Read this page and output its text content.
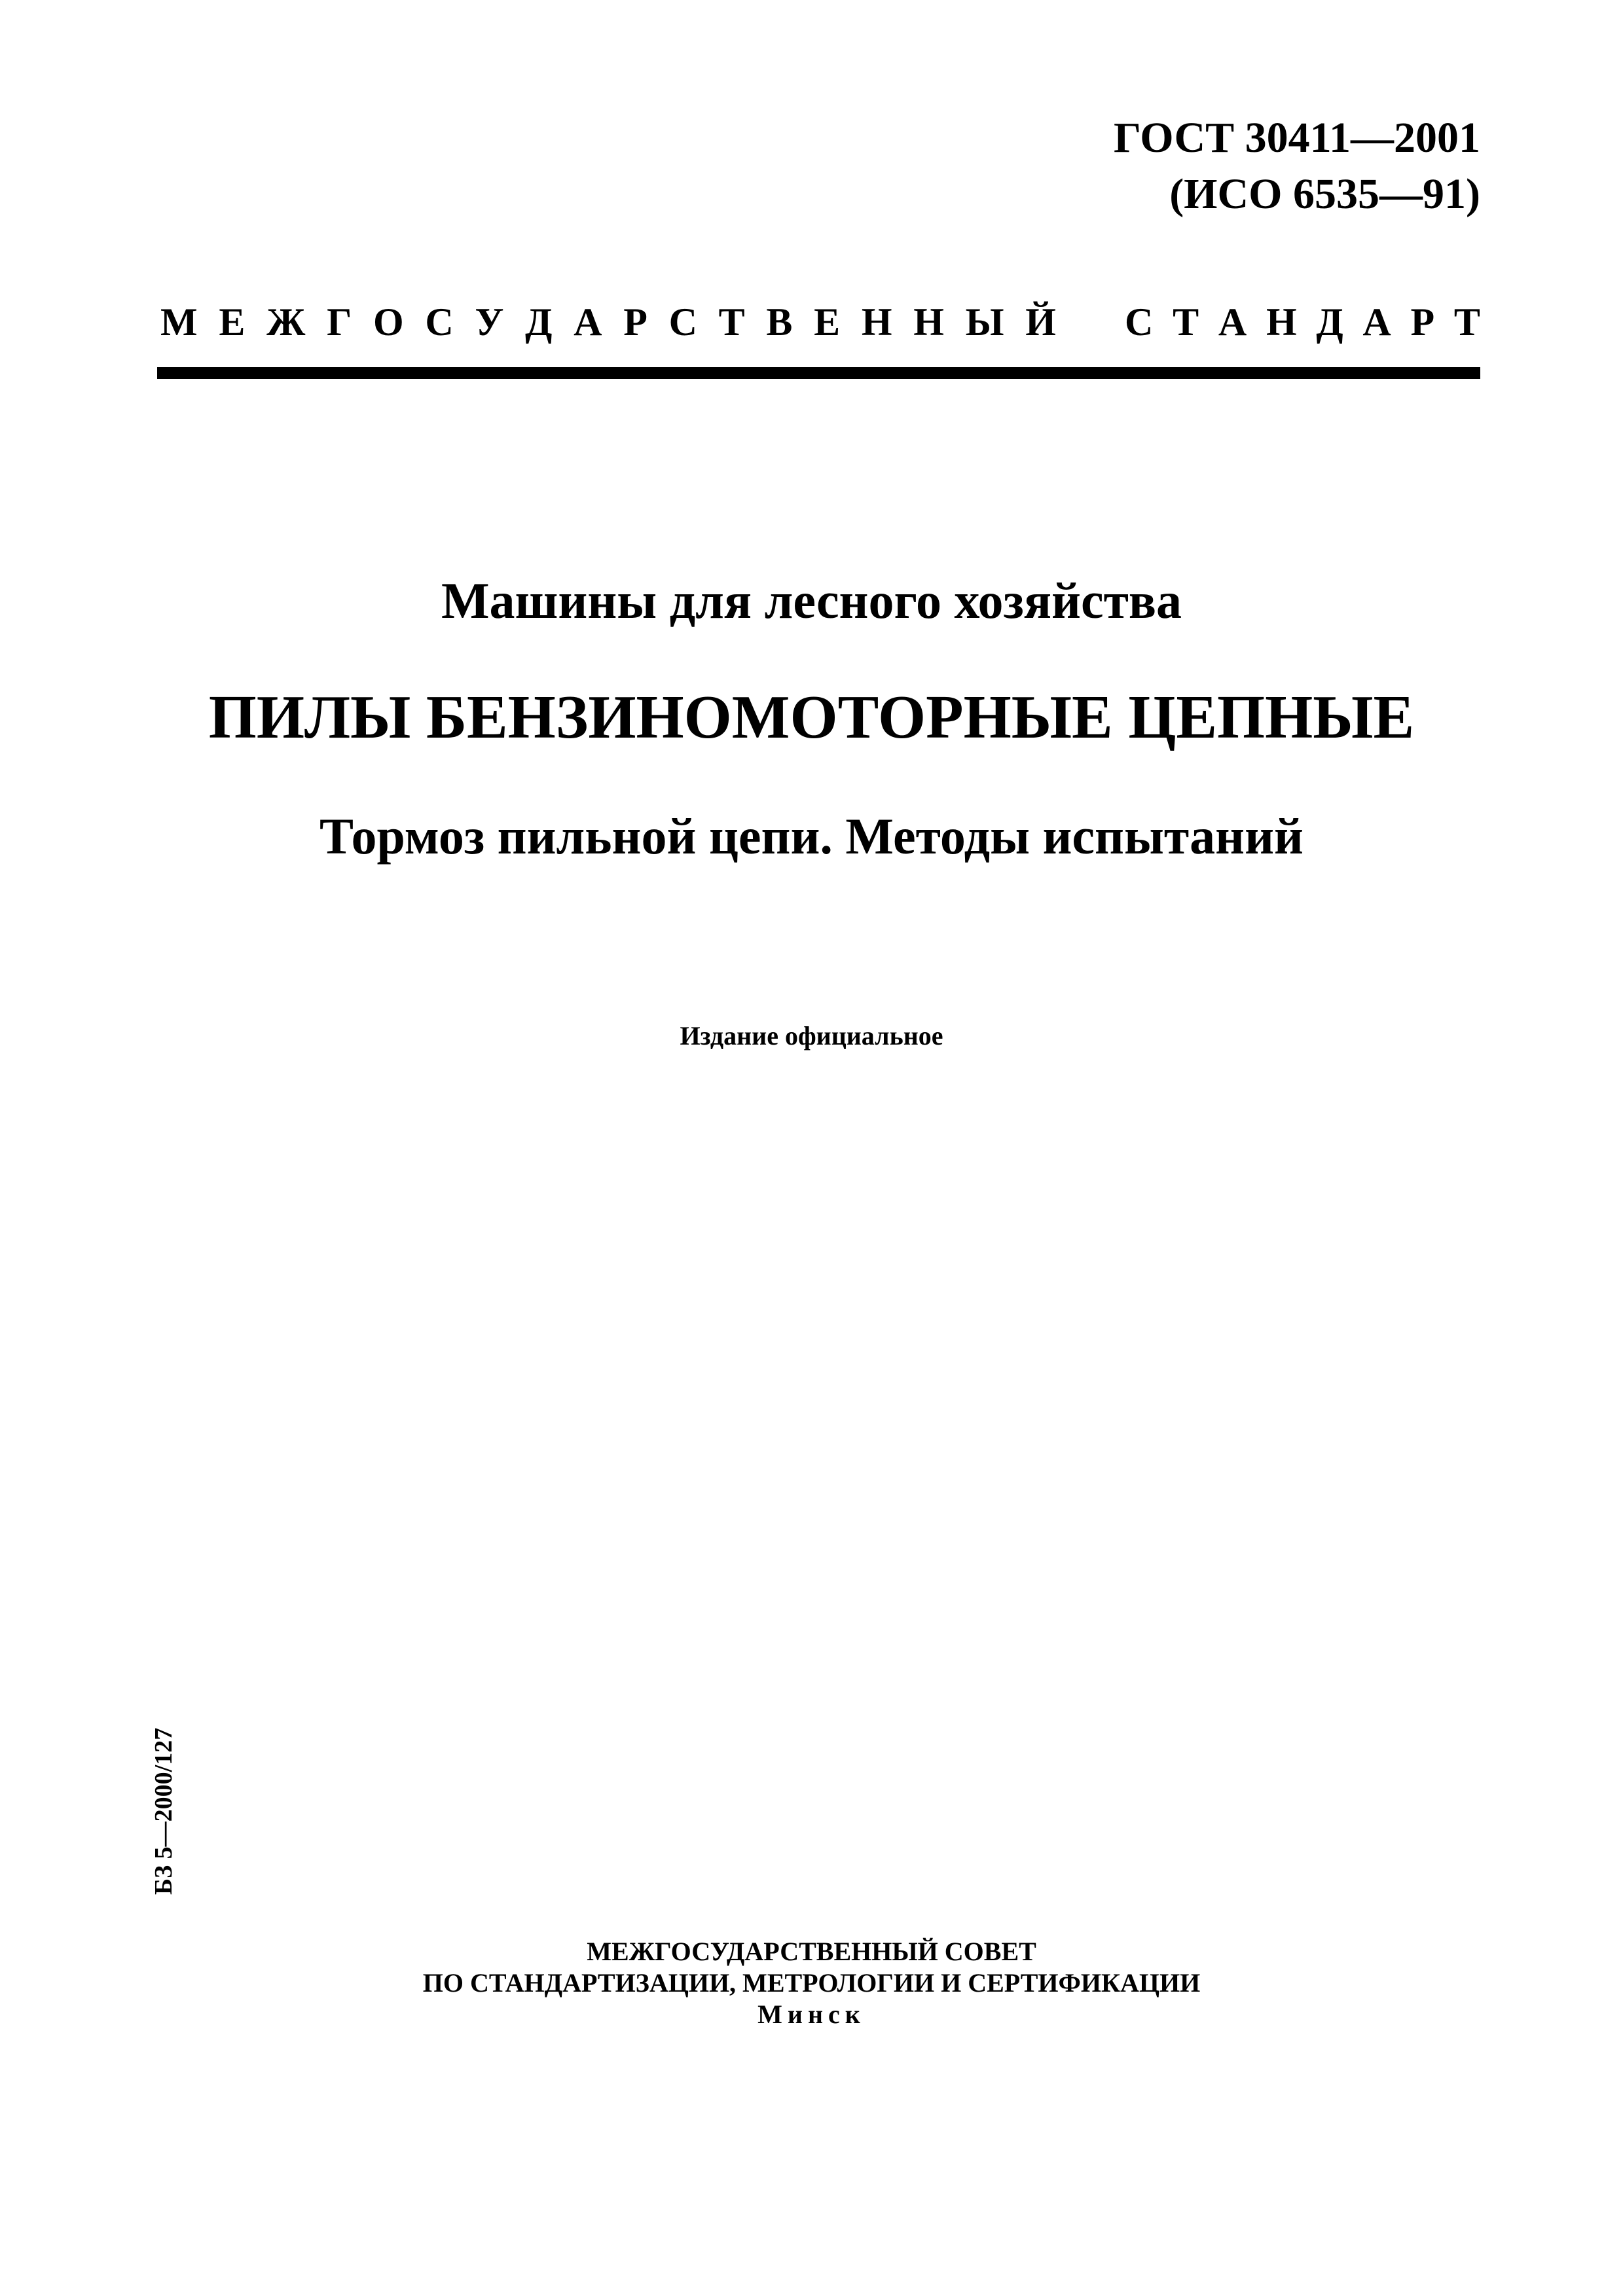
ГОСТ 30411—2001
(ИСО 6535—91)
М Е Ж Г О С У Д А Р С Т В Е Н Н Ы Й С Т А Н Д А Р Т
Машины для лесного хозяйства
ПИЛЫ БЕНЗИНОМОТОРНЫЕ ЦЕПНЫЕ
Тормоз пильной цепи. Методы испытаний
Издание официальное
БЗ 5—2000/127
МЕЖГОСУДАРСТВЕННЫЙ СОВЕТ
ПО СТАНДАРТИЗАЦИИ, МЕТРОЛОГИИ И СЕРТИФИКАЦИИ
Минск
